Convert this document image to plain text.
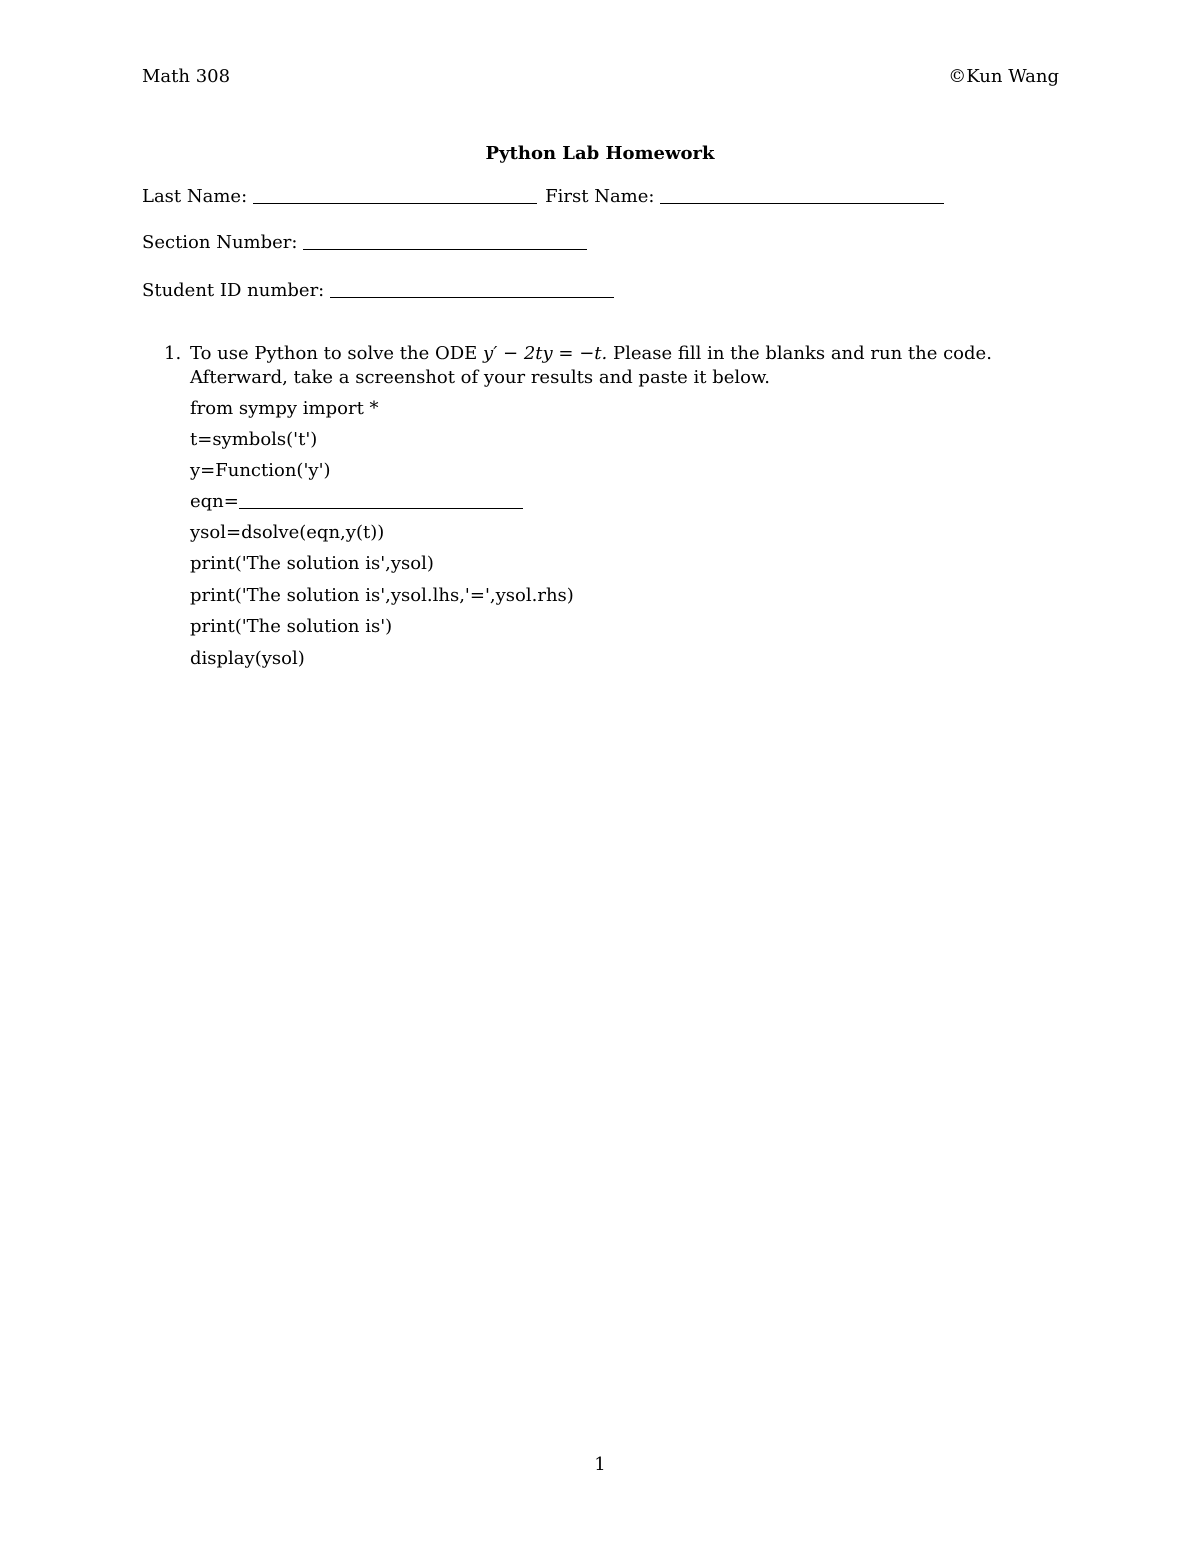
Math 308	©Kun Wang
Python Lab Homework
Last Name:	First Name:
Section Number:
Student ID number:
1. To use Python to solve the ODE y′ − 2ty = −t. Please fill in the blanks and run the code. Afterward, take a screenshot of your results and paste it below.

from sympy import *
t=symbols('t')
y=Function('y')
eqn=
ysol=dsolve(eqn,y(t))
print('The solution is',ysol)
print('The solution is',ysol.lhs,'=',ysol.rhs)
print('The solution is')
display(ysol)
1
